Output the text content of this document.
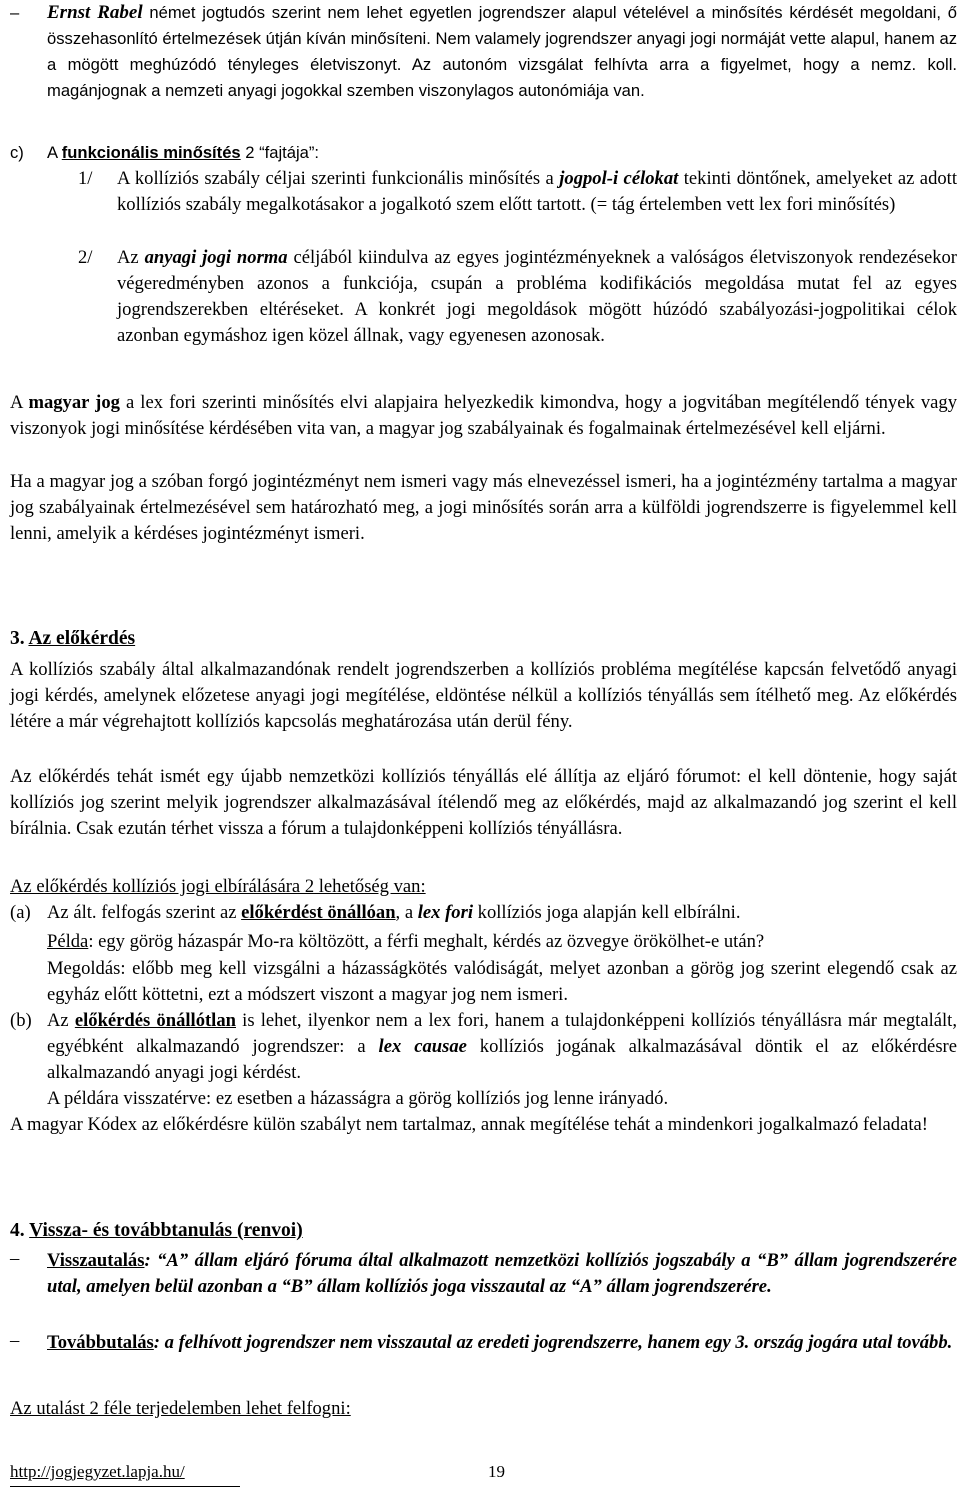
–	Ernst Rabel német jogtudós szerint nem lehet egyetlen jogrendszer alapul vételével a minősítés kérdését megoldani, ő összehasonlító értelmezések útján kíván minősíteni. Nem valamely jogrendszer anyagi jogi normáját vette alapul, hanem az a mögött meghúzódó tényleges életviszonyt. Az autonóm vizsgálat felhívta arra a figyelmet, hogy a nemz. koll. magánjognak a nemzeti anyagi jogokkal szemben viszonylagos autonómiája van.
c)	A funkcionális minősítés 2 “fajtája”:
1/	A kollíziós szabály céljai szerinti funkcionális minősítés a jogpol-i célokat tekinti döntőnek, amelyeket az adott kollíziós szabály megalkotásakor a jogalkotó szem előtt tartott. (= tág értelemben vett lex fori minősítés)
2/	Az anyagi jogi norma céljából kiindulva az egyes jogintézményeknek a valóságos életviszonyok rendezésekor végeredményben azonos a funkciója, csupán a probléma kodifikációs megoldása mutat fel az egyes jogrendszerekben eltéréseket. A konkrét jogi megoldások mögött húzódó szabályozási-jogpolitikai célok azonban egymáshoz igen közel állnak, vagy egyenesen azonosak.
A magyar jog a lex fori szerinti minősítés elvi alapjaira helyezkedik kimondva, hogy a jogvitában megítélendő tények vagy viszonyok jogi minősítése kérdésében vita van, a magyar jog szabályainak és fogalmainak értelmezésével kell eljárni.
Ha a magyar jog a szóban forgó jogintézményt nem ismeri vagy más elnevezéssel ismeri, ha a jogintézmény tartalma a magyar jog szabályainak értelmezésével sem határozható meg, a jogi minősítés során arra a külföldi jogrendszerre is figyelemmel kell lenni, amelyik a kérdéses jogintézményt ismeri.
3. Az előkérdés
A kollíziós szabály által alkalmazandónak rendelt jogrendszerben a kollíziós probléma megítélése kapcsán felvetődő anyagi jogi kérdés, amelynek előzetese anyagi jogi megítélése, eldöntése nélkül a kollíziós tényállás sem ítélhető meg. Az előkérdés létére a már végrehajtott kollíziós kapcsolás meghatározása után derül fény.
Az előkérdés tehát ismét egy újabb nemzetközi kollíziós tényállás elé állítja az eljáró fórumot: el kell döntenie, hogy saját kollíziós jog szerint melyik jogrendszer alkalmazásával ítélendő meg az előkérdés, majd az alkalmazandó jog szerint el kell bírálnia. Csak ezután térhet vissza a fórum a tulajdonképpeni kollíziós tényállásra.
Az előkérdés kollíziós jogi elbírálására 2 lehetőség van:
(a) Az ált. felfogás szerint az előkérdést önállóan, a lex fori kollíziós joga alapján kell elbírálni.
Példa: egy görög házaspár Mo-ra költözött, a férfi meghalt, kérdés az özvegye örökölhet-e után?
Megoldás: előbb meg kell vizsgálni a házasságkötés valódiságát, melyet azonban a görög jog szerint elegendő csak az egyház előtt köttetni, ezt a módszert viszont a magyar jog nem ismeri.
(b) Az előkérdés önállótlan is lehet, ilyenkor nem a lex fori, hanem a tulajdonképpeni kollíziós tényállásra már megtalált, egyébként alkalmazandó jogrendszer: a lex causae kollíziós jogának alkalmazásával döntik el az előkérdésre alkalmazandó anyagi jogi kérdést.
A példára visszatérve: ez esetben a házasságra a görög kollíziós jog lenne irányadó.
A magyar Kódex az előkérdésre külön szabályt nem tartalmaz, annak megítélése tehát a mindenkori jogalkalmazó feladata!
4. Vissza- és továbbtanulás (renvoi)
–	Visszautalás: “A” állam eljáró fóruma által alkalmazott nemzetközi kollíziós jogszabály a “B” állam jogrendszerére utal, amelyen belül azonban a “B” állam kollíziós joga visszautal az “A” állam jogrendszerére.
–	Továbbutalás: a felhívott jogrendszer nem visszautal az eredeti jogrendszerre, hanem egy 3. ország jogára utal tovább.
Az utalást 2 féle terjedelemben lehet felfogni:
http://jogjegyzet.lapja.hu/	19
